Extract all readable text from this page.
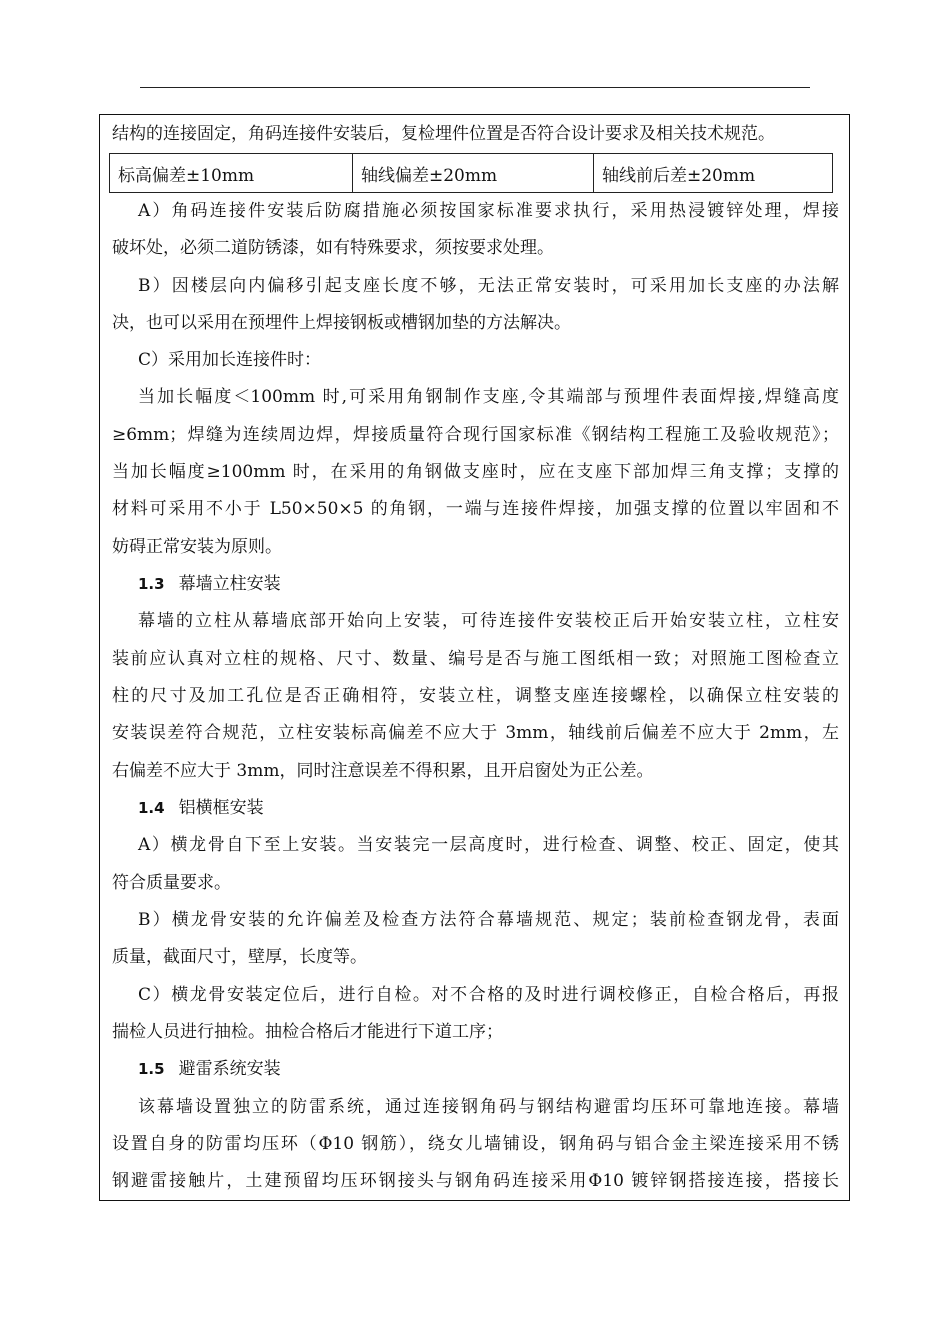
结构的连接固定，角码连接件安装后，复检埋件位置是否符合设计要求及相关技术规范。
标高偏差±10mm	轴线偏差±20mm	轴线前后差±20mm
A）角码连接件安装后防腐措施必须按国家标准要求执行，采用热浸镀锌处理，焊接
破坏处，必须二道防锈漆，如有特殊要求，须按要求处理。
B）因楼层向内偏移引起支座长度不够，无法正常安装时，可采用加长支座的办法解
决，也可以采用在预埋件上焊接钢板或槽钢加垫的方法解决。
C）采用加长连接件时：
当加长幅度＜100mm 时,可采用角钢制作支座,令其端部与预埋件表面焊接,焊缝高度
≥6mm；焊缝为连续周边焊，焊接质量符合现行国家标准《钢结构工程施工及验收规范》；
当加长幅度≥100mm 时，在采用的角钢做支座时，应在支座下部加焊三角支撑；支撑的
材料可采用不小于 L50×50×5 的角钢，一端与连接件焊接，加强支撑的位置以牢固和不
妨碍正常安装为原则。
1.3 幕墙立柱安装
幕墙的立柱从幕墙底部开始向上安装，可待连接件安装校正后开始安装立柱，立柱安
装前应认真对立柱的规格、尺寸、数量、编号是否与施工图纸相一致；对照施工图检查立
柱的尺寸及加工孔位是否正确相符，安装立柱，调整支座连接螺栓，以确保立柱安装的
安装误差符合规范，立柱安装标高偏差不应大于 3mm，轴线前后偏差不应大于 2mm，左
右偏差不应大于 3mm，同时注意误差不得积累，且开启窗处为正公差。
1.4 铝横框安装
A）横龙骨自下至上安装。当安装完一层高度时，进行检查、调整、校正、固定，使其
符合质量要求。
B）横龙骨安装的允许偏差及检查方法符合幕墙规范、规定；装前检查钢龙骨，表面
质量，截面尺寸，壁厚，长度等。
C）横龙骨安装定位后，进行自检。对不合格的及时进行调校修正，自检合格后，再报
揣检人员进行抽检。抽检合格后才能进行下道工序；
1.5 避雷系统安装
该幕墙设置独立的防雷系统，通过连接钢角码与钢结构避雷均压环可靠地连接。幕墙
设置自身的防雷均压环（Φ10 钢筋），绕女儿墙铺设，钢角码与铝合金主梁连接采用不锈
钢避雷接触片，土建预留均压环钢接头与钢角码连接采用Φ10 镀锌钢搭接连接，搭接长
